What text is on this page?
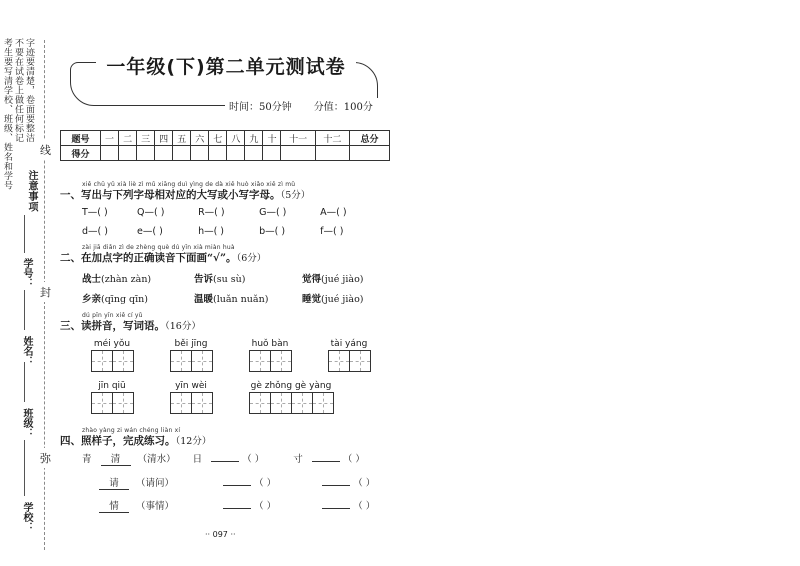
考生要写清学校、班级、姓名和学号 不要在试卷上做任何标记 字迹要清楚，卷面要整洁
注意事项
学号：
姓名：
班级：
学校：
线
封
弥
一年级(下)第二单元测试卷
时间：50分钟 分值：100分
题号	一	二	三	四	五	六	七	八	九	十	十一	十二	总分
得分													
xiě chū yǔ xià liè zì mǔ xiāng duì yìng de dà xiě huò xiǎo xiě zì mǔ
一、写出与下列字母相对应的大写或小写字母。（5分）
T—( )	Q—( )	R—( )	G—( )	A—( )
d—( )	e—( )	h—( )	b—( )	f—( )
zài jiā diǎn zì de zhèng què dú yīn xià miàn huà
二、在加点字的正确读音下面画“√”。（6分）
战士(zhàn zàn)	告诉(su sù)	觉得(jué jiào)
乡亲(qīng qīn)	温暖(luǎn nuǎn)	睡觉(jué jiào)
dú pīn yīn xiě cí yǔ
三、读拼音，写词语。（16分）
méi yǒu	běi jīng	huǒ bàn	tài yáng
jīn qiū	yīn wèi	gè zhǒng gè yàng
zhào yàng zi wán chéng liàn xí
四、照样子，完成练习。（12分）
青 清 （清水） 日	（ ）	寸	（ ）
请 （请问）	（ ）	（ ）
情 （事情）	（ ）	（ ）
·· 097 ··
